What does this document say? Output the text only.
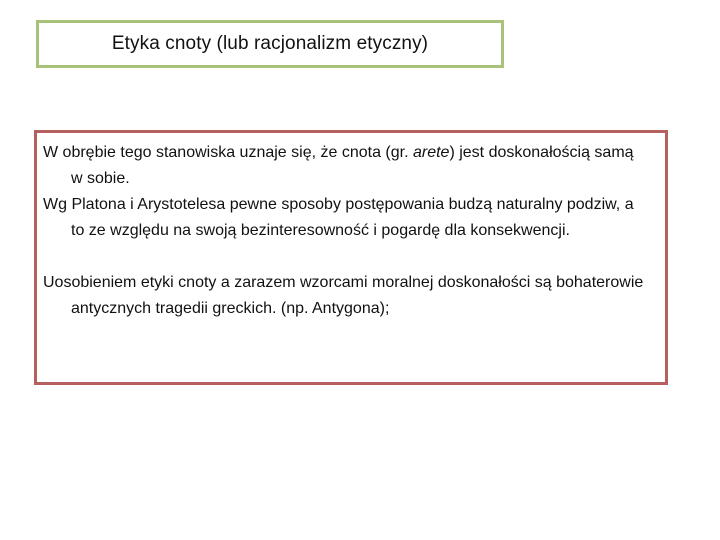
Etyka cnoty (lub racjonalizm etyczny)

W obrębie tego stanowiska uznaje się, że cnota (gr. arete) jest doskonałością samą w sobie.

Wg Platona i Arystotelesa pewne sposoby postępowania budzą naturalny podziw, a to ze względu na swoją bezinteresowność i pogardę dla konsekwencji.

Uosobieniem etyki cnoty a zarazem wzorcami moralnej doskonałości są bohaterowie antycznych tragedii greckich. (np. Antygona);
